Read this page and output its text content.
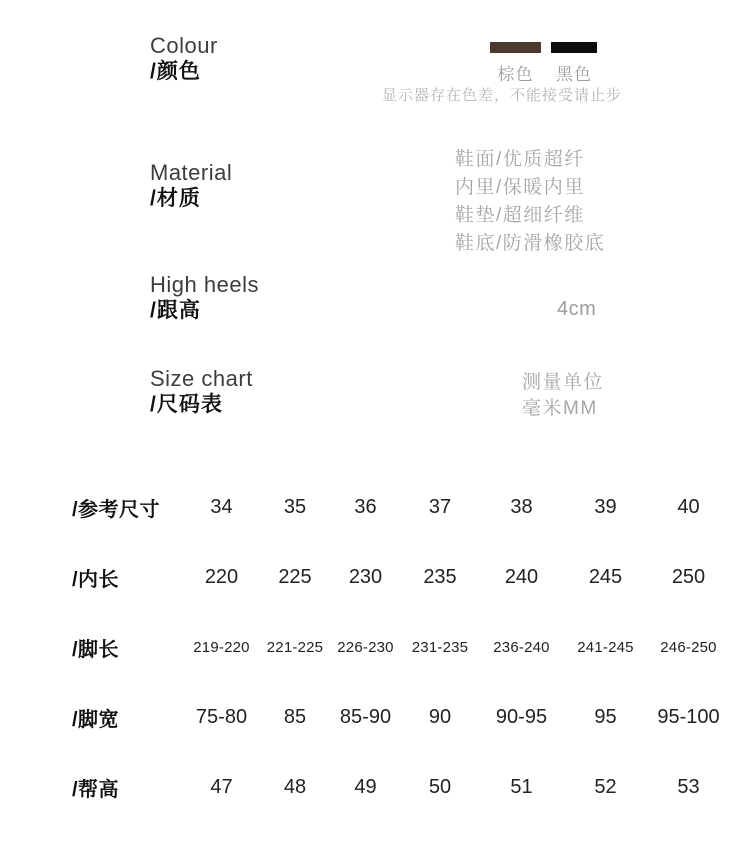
Colour
/颜色	棕色 黑色
显示器存在色差，不能接受请止步
Material
/材质
鞋面/优质超纤
内里/保暖内里
鞋垫/超细纤维
鞋底/防滑橡胶底
High heels
/跟高	4cm
Size chart
/尺码表
测量单位
毫米MM
/参考尺寸	34	35	36	37	38	39	40
/内长	220	225	230	235	240	245	250
/脚长	219-220	221-225 226-230	231-235	236-240	241-245	246-250
/脚宽	75-80	85	85-90	90	90-95	95	95-100
/帮高	47	48	49	50	51	52	53
